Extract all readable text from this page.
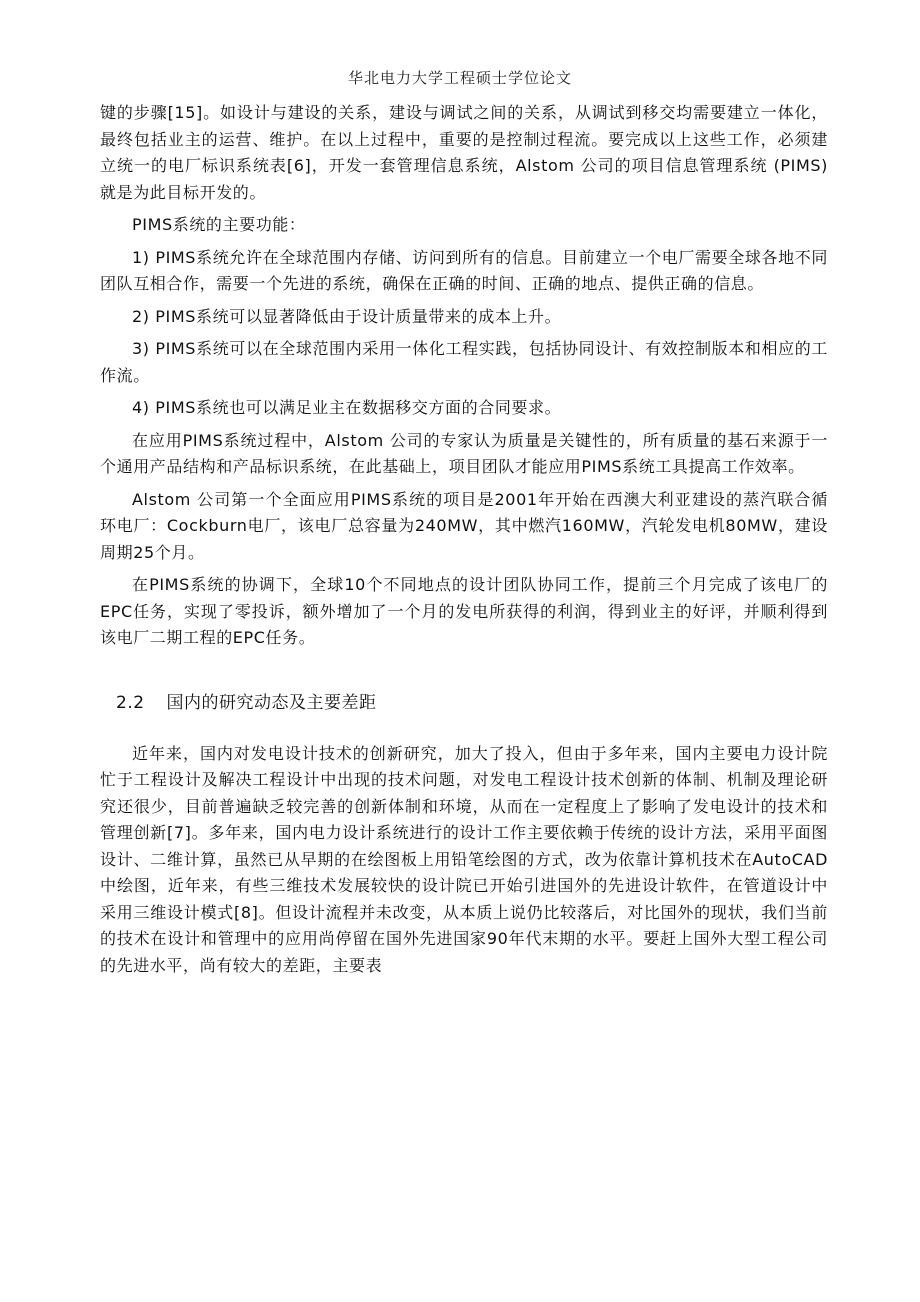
华北电力大学工程硕士学位论文

键的步骤[15]。如设计与建设的关系，建设与调试之间的关系，从调试到移交均需要建立一体化，最终包括业主的运营、维护。在以上过程中，重要的是控制过程流。要完成以上这些工作，必须建立统一的电厂标识系统表[6]，开发一套管理信息系统，Alstom 公司的项目信息管理系统 (PIMS) 就是为此目标开发的。

PIMS系统的主要功能：

1) PIMS系统允许在全球范围内存储、访问到所有的信息。目前建立一个电厂需要全球各地不同团队互相合作，需要一个先进的系统，确保在正确的时间、正确的地点、提供正确的信息。

2) PIMS系统可以显著降低由于设计质量带来的成本上升。

3) PIMS系统可以在全球范围内采用一体化工程实践，包括协同设计、有效控制版本和相应的工作流。

4) PIMS系统也可以满足业主在数据移交方面的合同要求。

在应用PIMS系统过程中，Alstom 公司的专家认为质量是关键性的，所有质量的基石来源于一个通用产品结构和产品标识系统，在此基础上，项目团队才能应用PIMS系统工具提高工作效率。

Alstom 公司第一个全面应用PIMS系统的项目是2001年开始在西澳大利亚建设的蒸汽联合循环电厂：Cockburn电厂，该电厂总容量为240MW，其中燃汽160MW，汽轮发电机80MW，建设周期25个月。

在PIMS系统的协调下，全球10个不同地点的设计团队协同工作，提前三个月完成了该电厂的EPC任务，实现了零投诉，额外增加了一个月的发电所获得的利润，得到业主的好评，并顺利得到该电厂二期工程的EPC任务。

2.2 国内的研究动态及主要差距

近年来，国内对发电设计技术的创新研究，加大了投入，但由于多年来，国内主要电力设计院忙于工程设计及解决工程设计中出现的技术问题，对发电工程设计技术创新的体制、机制及理论研究还很少，目前普遍缺乏较完善的创新体制和环境，从而在一定程度上了影响了发电设计的技术和管理创新[7]。多年来，国内电力设计系统进行的设计工作主要依赖于传统的设计方法，采用平面图设计、二维计算，虽然已从早期的在绘图板上用铅笔绘图的方式，改为依靠计算机技术在AutoCAD中绘图，近年来，有些三维技术发展较快的设计院已开始引进国外的先进设计软件，在管道设计中采用三维设计模式[8]。但设计流程并未改变，从本质上说仍比较落后，对比国外的现状，我们当前的技术在设计和管理中的应用尚停留在国外先进国家90年代末期的水平。要赶上国外大型工程公司的先进水平，尚有较大的差距，主要表
